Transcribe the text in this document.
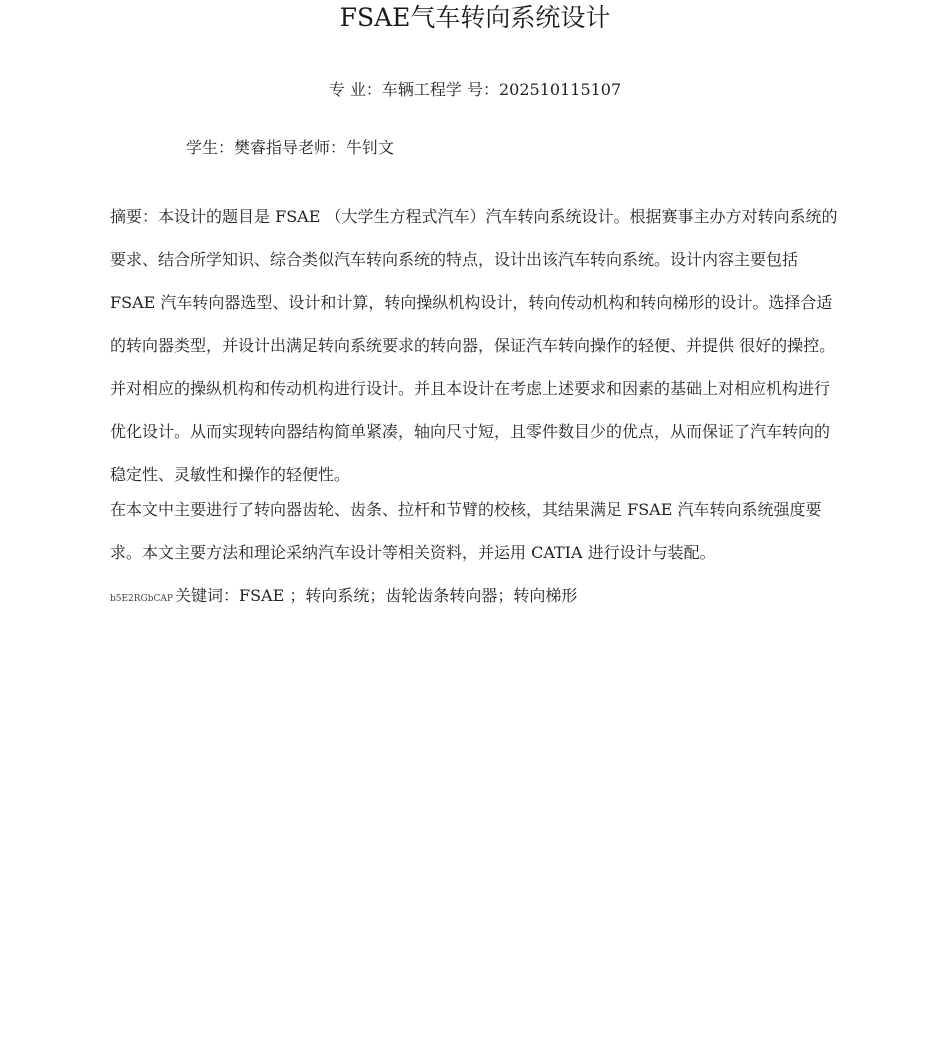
FSAE气车转向系统设计
专 业：车辆工程学 号：202510115107
学生：樊睿指导老师：牛钊文

摘要：本设计的题目是 FSAE （大学生方程式汽车）汽车转向系统设计。根据赛事主办方对转向系统的要求、结合所学知识、综合类似汽车转向系统的特点，设计出该汽车转向系统。设计内容主要包括 FSAE 汽车转向器选型、设计和计算，转向操纵机构设计，转向传动机构和转向梯形的设计。选择合适的转向器类型，并设计出满足转向系统要求的转向器，保证汽车转向操作的轻便、并提供 很好的操控。并对相应的操纵机构和传动机构进行设计。并且本设计在考虑上述要求和因素的基础上对相应机构进行优化设计。从而实现转向器结构简单紧凑，轴向尺寸短，且零件数目少的优点，从而保证了汽车转向的稳定性、灵敏性和操作的轻便性。

在本文中主要进行了转向器齿轮、齿条、拉杆和节臂的校核，其结果满足 FSAE 汽车转向系统强度要求。本文主要方法和理论采纳汽车设计等相关资料，并运用 CATIA 进行设计与装配。

b5E2RGbCAP 关键词：FSAE ；转向系统；齿轮齿条转向器；转向梯形
